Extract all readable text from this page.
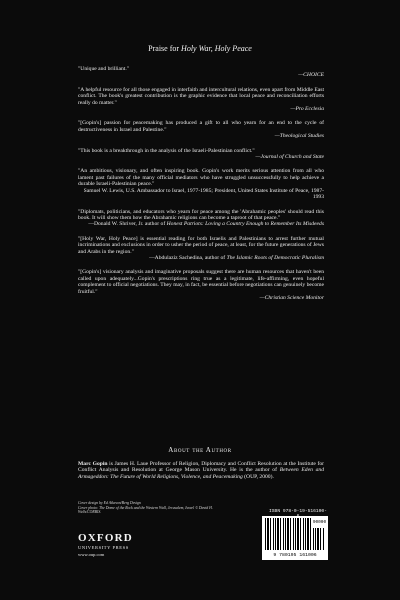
Praise for Holy War, Holy Peace
"Unique and brilliant."
—CHOICE
"A helpful resource for all those engaged in interfaith and intercultural relations, even apart from Middle East conflict. The book's greatest contribution is the graphic evidence that local peace and reconciliation efforts really do matter."
—Pro Ecclesia
"[Gopin's] passion for peacemaking has produced a gift to all who yearn for an end to the cycle of destructiveness in Israel and Palestine."
—Theological Studies
"This book is a breakthrough in the analysis of the Israeli-Palestinian conflict."
—Journal of Church and State
"An ambitious, visionary, and often inspiring book. Gopin's work merits serious attention from all who lament past failures of the many official mediators who have struggled unsuccessfully to help achieve a durable Israeli-Palestinian peace."
Samuel W. Lewis, U.S. Ambassador to Israel, 1977-1985; President, United States Institute of Peace, 1987-1993
"Diplomats, politicians, and educators who yearn for peace among the 'Abrahamic peoples' should read this book. It will show them how the Abrahamic religions can become a taproot of that peace."
—Donald W. Shriver, Jr. author of Honest Patriots: Loving a Country Enough to Remember Its Misdeeds
"[Holy War, Holy Peace] is essential reading for both Israelis and Palestinians to arrest further mutual incriminations and exclusions in order to usher the period of peace, at least, for the future generations of Jews and Arabs in the region."
—Abdulaziz Sachedina, author of The Islamic Roots of Democratic Pluralism
"[Gopin's] visionary analysis and imaginative proposals suggest there are human resources that haven't been called upon adequately...Gopin's prescriptions ring true as a legitimate, life-affirming, even hopeful complement to official negotiations. They may, in fact, be essential before negotiations can genuinely become fruitful."
—Christian Science Monitor
About the Author
Marc Gopin is James H. Laue Professor of Religion, Diplomacy and Conflict Resolution at the Institute for Conflict Analysis and Resolution at George Mason University. He is the author of Between Eden and Armageddon: The Future of World Religions, Violence, and Peacemaking (OUP, 2000).
Cover design by Ed Atkeson/Berg Design
Cover photo: The Dome of the Rock and the Western Wall, Jerusalem, Israel © David H. Wells/CORBIS.
OXFORD
UNIVERSITY PRESS
www.oup.com
ISBN 978-0-19-516100-
9 780195 161006
90000
